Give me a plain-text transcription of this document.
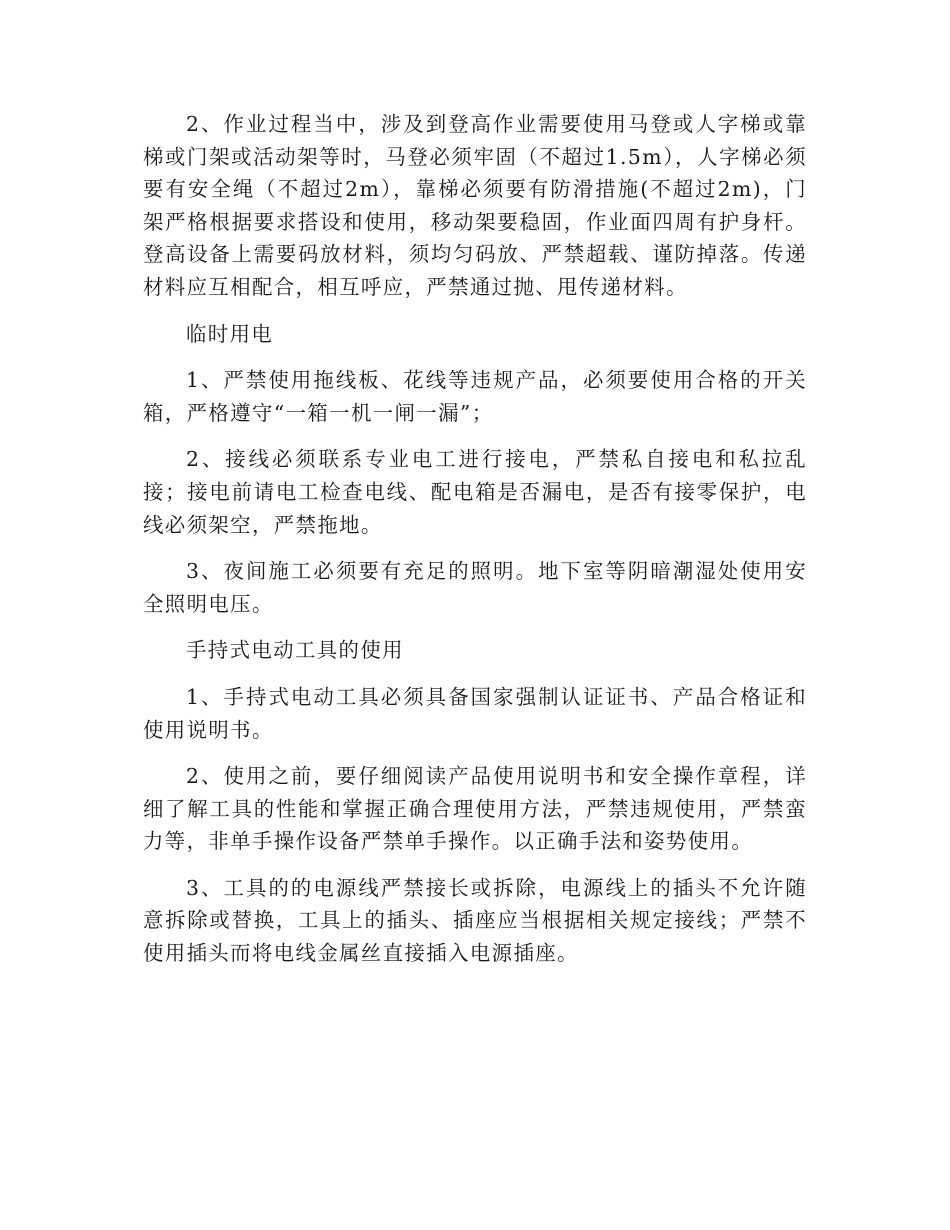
2、作业过程当中，涉及到登高作业需要使用马登或人字梯或靠梯或门架或活动架等时，马登必须牢固（不超过1.5m），人字梯必须要有安全绳（不超过2m），靠梯必须要有防滑措施(不超过2m)，门架严格根据要求搭设和使用，移动架要稳固，作业面四周有护身杆。登高设备上需要码放材料，须均匀码放、严禁超载、谨防掉落。传递材料应互相配合，相互呼应，严禁通过抛、甩传递材料。

临时用电

1、严禁使用拖线板、花线等违规产品，必须要使用合格的开关箱，严格遵守“一箱一机一闸一漏”；

2、接线必须联系专业电工进行接电，严禁私自接电和私拉乱接；接电前请电工检查电线、配电箱是否漏电，是否有接零保护，电线必须架空，严禁拖地。

3、夜间施工必须要有充足的照明。地下室等阴暗潮湿处使用安全照明电压。

手持式电动工具的使用

1、手持式电动工具必须具备国家强制认证证书、产品合格证和使用说明书。

2、使用之前，要仔细阅读产品使用说明书和安全操作章程，详细了解工具的性能和掌握正确合理使用方法，严禁违规使用，严禁蛮力等，非单手操作设备严禁单手操作。以正确手法和姿势使用。

3、工具的的电源线严禁接长或拆除，电源线上的插头不允许随意拆除或替换，工具上的插头、插座应当根据相关规定接线；严禁不使用插头而将电线金属丝直接插入电源插座。
